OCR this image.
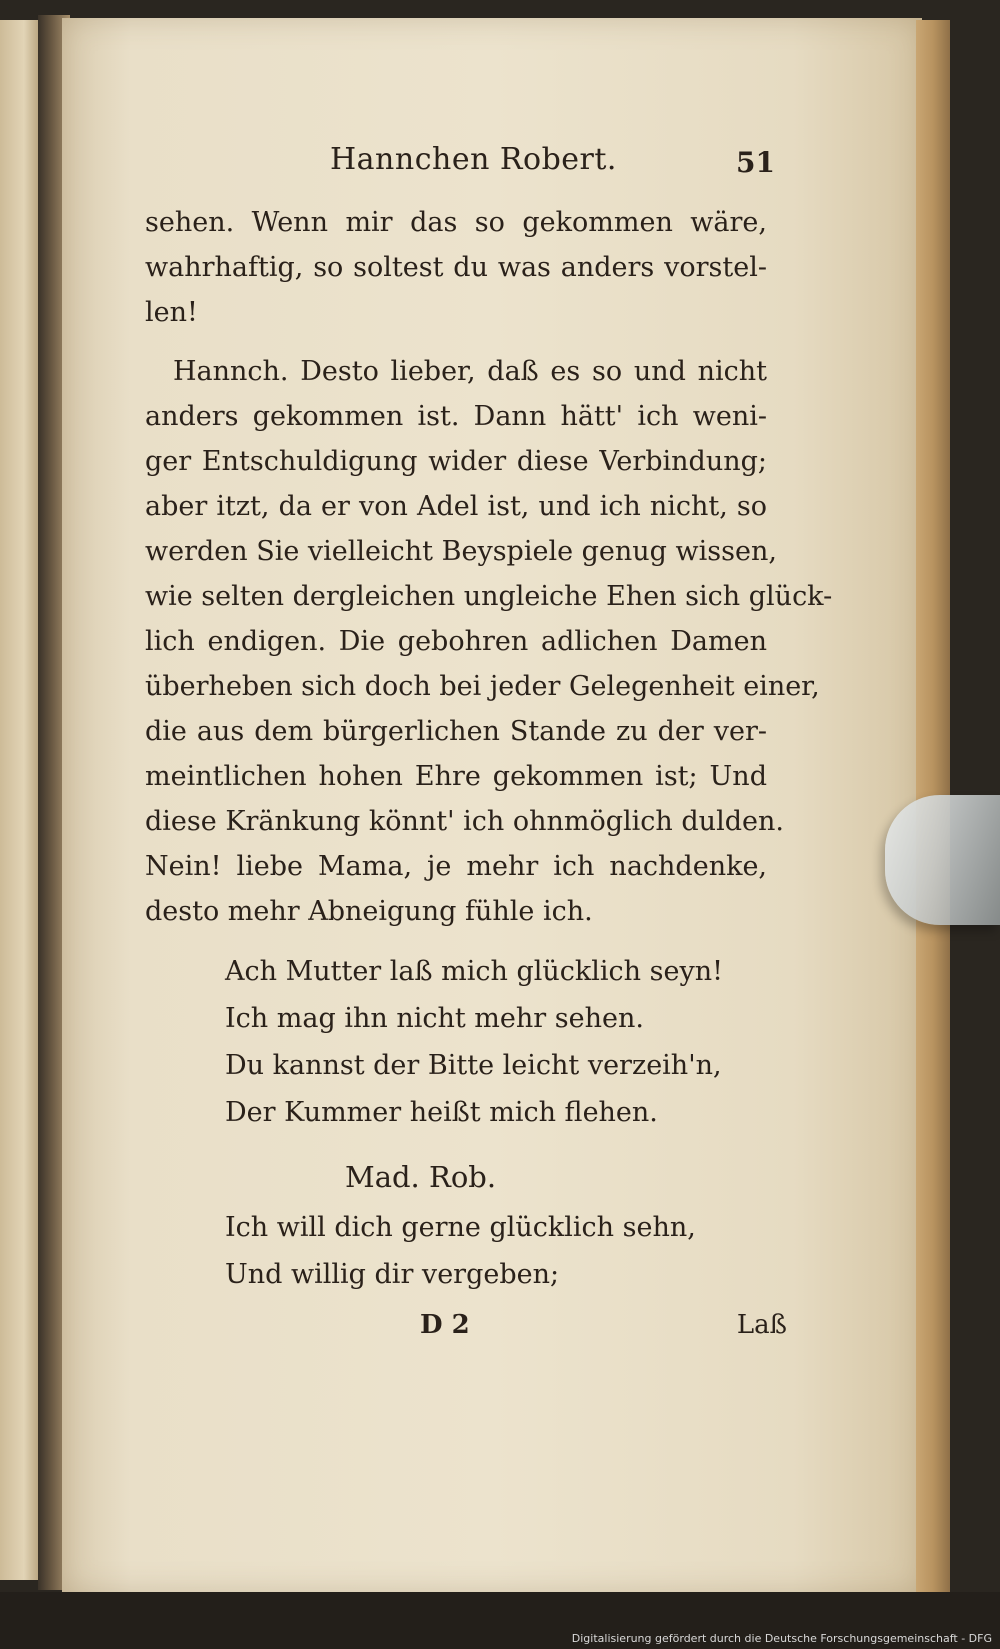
Hannchen Robert.	51

sehen. Wenn mir das so gekommen wäre,

wahrhaftig, so soltest du was anders vorstel-

len!

Hannch. Desto lieber, daß es so und nicht

anders gekommen ist. Dann hätt' ich weni-

ger Entschuldigung wider diese Verbindung;

aber itzt, da er von Adel ist, und ich nicht, so

werden Sie vielleicht Beyspiele genug wissen,

wie selten dergleichen ungleiche Ehen sich glück-

lich endigen. Die gebohren adlichen Damen

überheben sich doch bei jeder Gelegenheit einer,

die aus dem bürgerlichen Stande zu der ver-

meintlichen hohen Ehre gekommen ist; Und

diese Kränkung könnt' ich ohnmöglich dulden.

Nein! liebe Mama, je mehr ich nachdenke,

desto mehr Abneigung fühle ich.

Ach Mutter laß mich glücklich seyn!

Ich mag ihn nicht mehr sehen.

Du kannst der Bitte leicht verzeih'n,

Der Kummer heißt mich flehen.

Mad. Rob.

Ich will dich gerne glücklich sehn,

Und willig dir vergeben;

D 2	Laß

Digitalisierung gefördert durch die Deutsche Forschungsgemeinschaft - DFG
